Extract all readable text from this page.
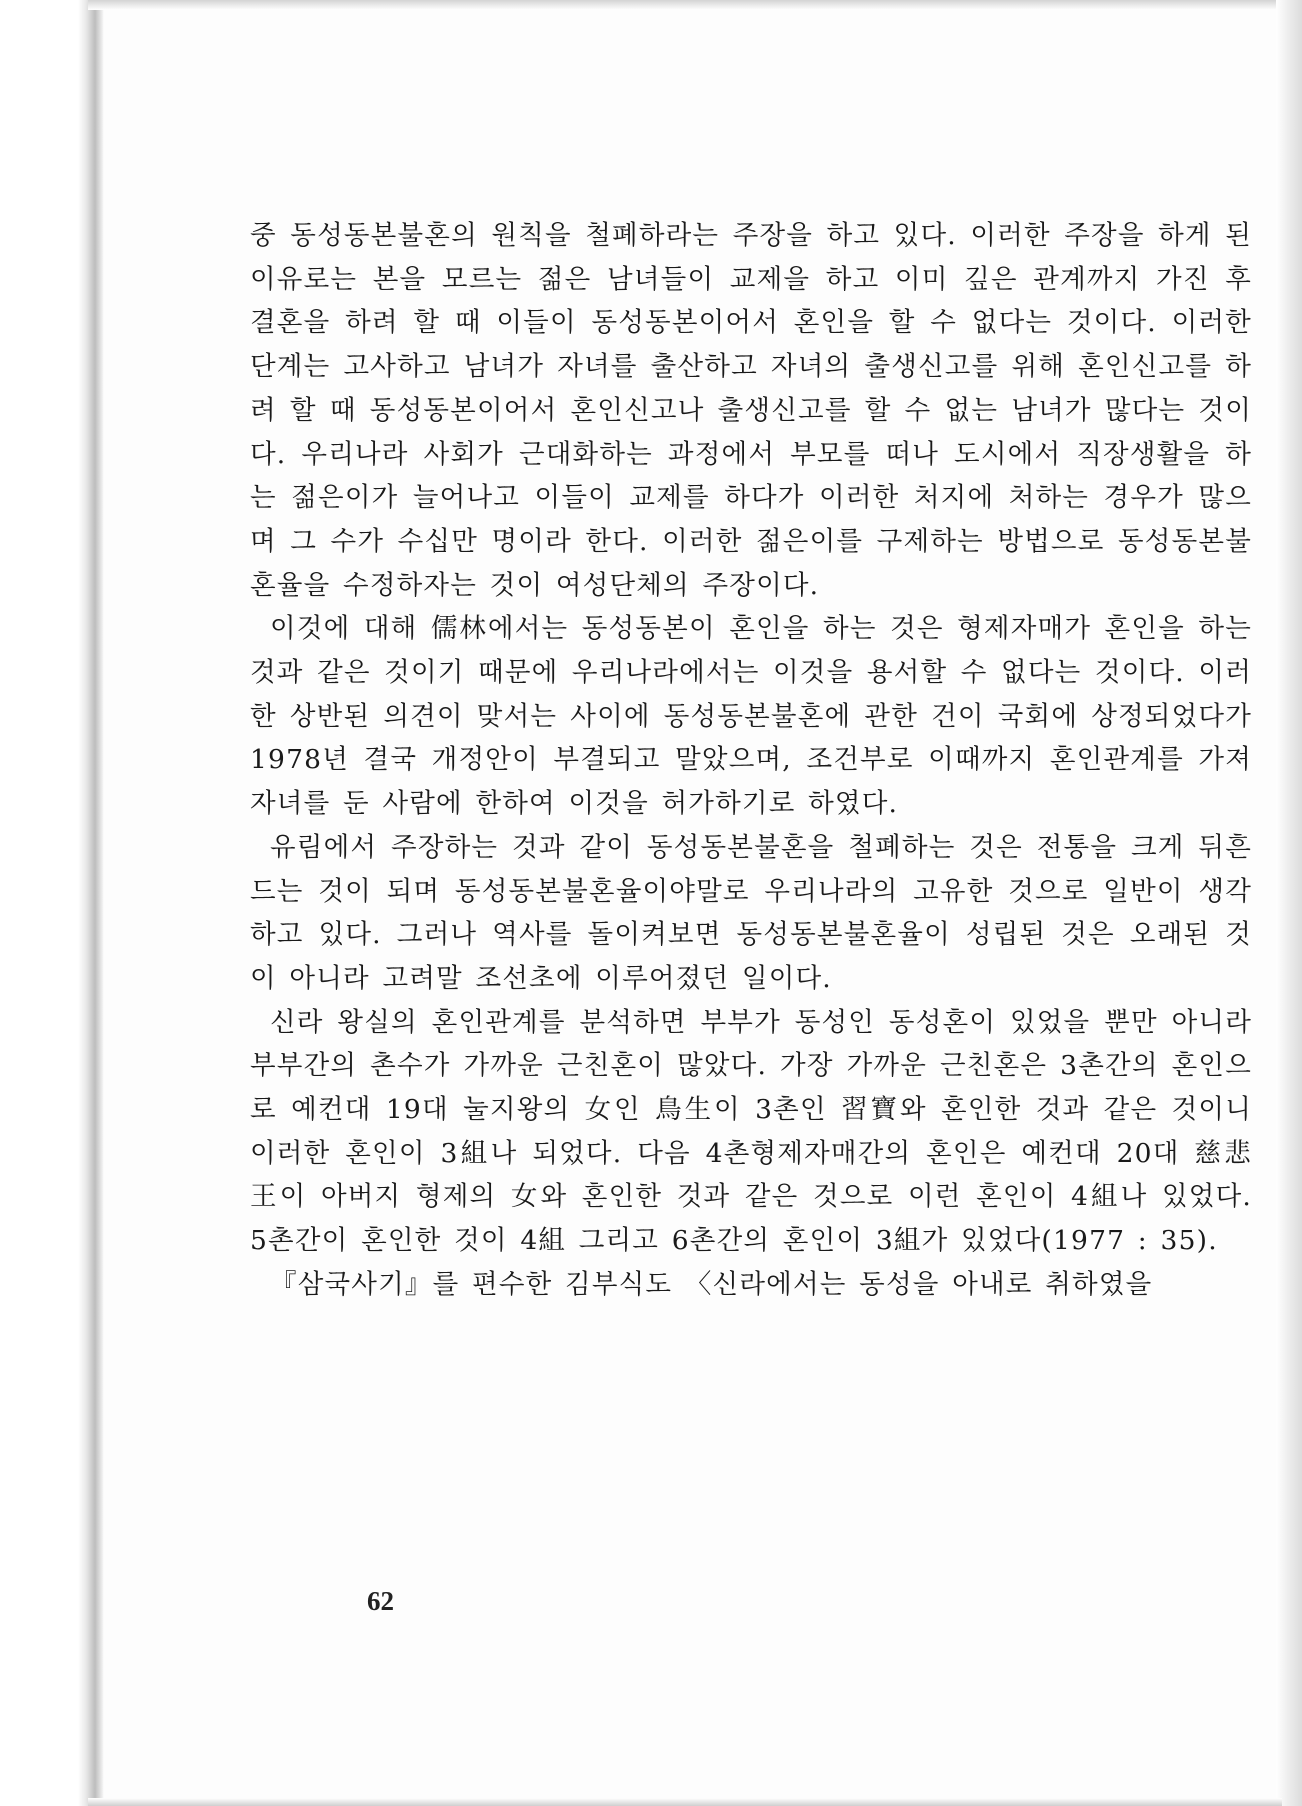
중 동성동본불혼의 원칙을 철폐하라는 주장을 하고 있다. 이러한 주장을 하게 된 이유로는 본을 모르는 젊은 남녀들이 교제을 하고 이미 깊은 관계까지 가진 후 결혼을 하려 할 때 이들이 동성동본이어서 혼인을 할 수 없다는 것이다. 이러한 단계는 고사하고 남녀가 자녀를 출산하고 자녀의 출생신고를 위해 혼인신고를 하려 할 때 동성동본이어서 혼인신고나 출생신고를 할 수 없는 남녀가 많다는 것이다. 우리나라 사회가 근대화하는 과정에서 부모를 떠나 도시에서 직장생활을 하는 젊은이가 늘어나고 이들이 교제를 하다가 이러한 처지에 처하는 경우가 많으며 그 수가 수십만 명이라 한다. 이러한 젊은이를 구제하는 방법으로 동성동본불혼율을 수정하자는 것이 여성단체의 주장이다.

이것에 대해 儒林에서는 동성동본이 혼인을 하는 것은 형제자매가 혼인을 하는 것과 같은 것이기 때문에 우리나라에서는 이것을 용서할 수 없다는 것이다. 이러한 상반된 의견이 맞서는 사이에 동성동본불혼에 관한 건이 국회에 상정되었다가 1978년 결국 개정안이 부결되고 말았으며, 조건부로 이때까지 혼인관계를 가져 자녀를 둔 사람에 한하여 이것을 허가하기로 하였다.

유림에서 주장하는 것과 같이 동성동본불혼을 철폐하는 것은 전통을 크게 뒤흔드는 것이 되며 동성동본불혼율이야말로 우리나라의 고유한 것으로 일반이 생각하고 있다. 그러나 역사를 돌이켜보면 동성동본불혼율이 성립된 것은 오래된 것이 아니라 고려말 조선초에 이루어졌던 일이다.

신라 왕실의 혼인관계를 분석하면 부부가 동성인 동성혼이 있었을 뿐만 아니라 부부간의 촌수가 가까운 근친혼이 많았다. 가장 가까운 근친혼은 3촌간의 혼인으로 예컨대 19대 눌지왕의 女인 鳥生이 3촌인 習寶와 혼인한 것과 같은 것이니 이러한 혼인이 3組나 되었다. 다음 4촌형제자매간의 혼인은 예컨대 20대 慈悲王이 아버지 형제의 女와 혼인한 것과 같은 것으로 이런 혼인이 4組나 있었다. 5촌간이 혼인한 것이 4組 그리고 6촌간의 혼인이 3組가 있었다(1977 : 35).

『삼국사기』를 편수한 김부식도 〈신라에서는 동성을 아내로 취하였을

62
